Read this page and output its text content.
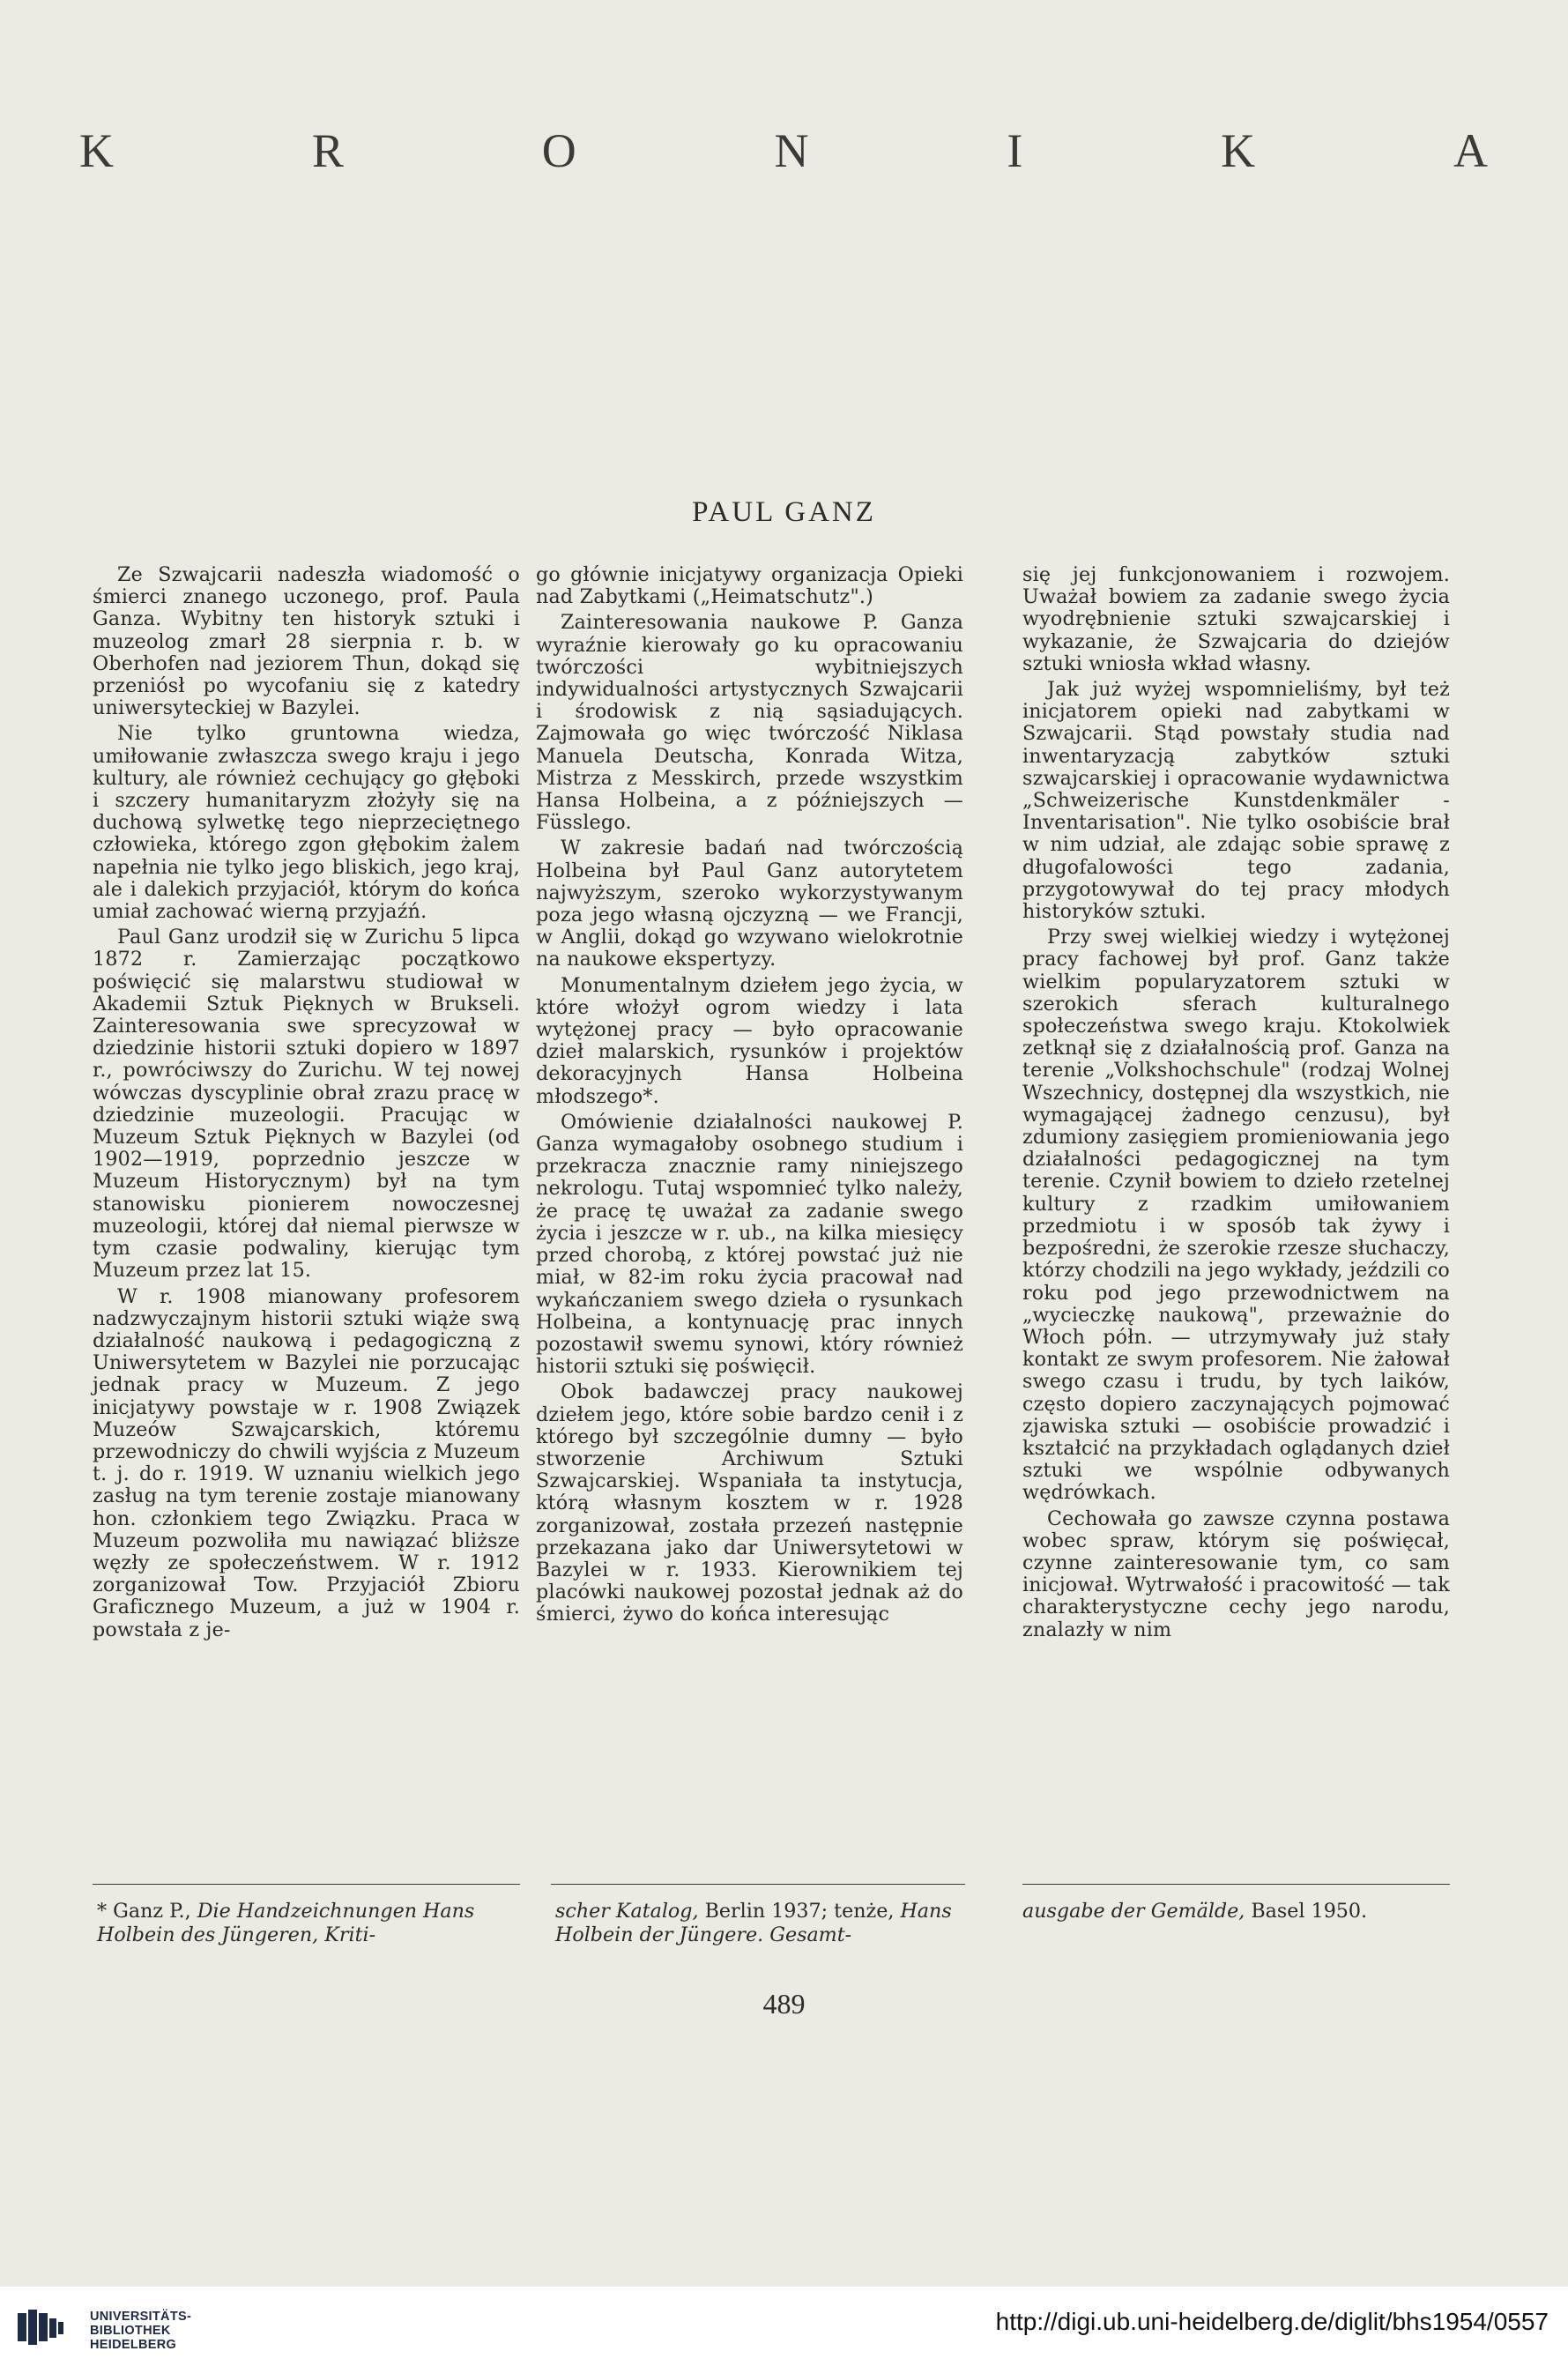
K	R	O	N	I	K	A
PAUL GANZ

Ze Szwajcarii nadeszła wiadomość o śmierci znanego uczonego, prof. Paula Ganza. Wybitny ten historyk sztuki i muzeolog zmarł 28 sierpnia r. b. w Oberhofen nad jeziorem Thun, dokąd się przeniósł po wycofaniu się z katedry uniwersyteckiej w Bazylei.

Nie tylko gruntowna wiedza, umiłowanie zwłaszcza swego kraju i jego kultury, ale również cechujący go głęboki i szczery humanitaryzm złożyły się na duchową sylwetkę tego nieprzeciętnego człowieka, którego zgon głębokim żalem napełnia nie tylko jego bliskich, jego kraj, ale i dalekich przyjaciół, którym do końca umiał zachować wierną przyjaźń.

Paul Ganz urodził się w Zurichu 5 lipca 1872 r. Zamierzając początkowo poświęcić się malarstwu studiował w Akademii Sztuk Pięknych w Brukseli. Zainteresowania swe sprecyzował w dziedzinie historii sztuki dopiero w 1897 r., powróciwszy do Zurichu. W tej nowej wówczas dyscyplinie obrał zrazu pracę w dziedzinie muzeologii. Pracując w Muzeum Sztuk Pięknych w Bazylei (od 1902—1919, poprzednio jeszcze w Muzeum Historycznym) był na tym stanowisku pionierem nowoczesnej muzeologii, której dał niemal pierwsze w tym czasie podwaliny, kierując tym Muzeum przez lat 15.

W r. 1908 mianowany profesorem nadzwyczajnym historii sztuki wiąże swą działalność naukową i pedagogiczną z Uniwersytetem w Bazylei nie porzucając jednak pracy w Muzeum. Z jego inicjatywy powstaje w r. 1908 Związek Muzeów Szwajcarskich, któremu przewodniczy do chwili wyjścia z Muzeum t. j. do r. 1919. W uznaniu wielkich jego zasług na tym terenie zostaje mianowany hon. członkiem tego Związku. Praca w Muzeum pozwoliła mu nawiązać bliższe węzły ze społeczeństwem. W r. 1912 zorganizował Tow. Przyjaciół Zbioru Graficznego Muzeum, a już w 1904 r. powstała z je-

go głównie inicjatywy organizacja Opieki nad Zabytkami („Heimatschutz".)

Zainteresowania naukowe P. Ganza wyraźnie kierowały go ku opracowaniu twórczości wybitniejszych indywidualności artystycznych Szwajcarii i środowisk z nią sąsiadujących. Zajmowała go więc twórczość Niklasa Manuela Deutscha, Konrada Witza, Mistrza z Messkirch, przede wszystkim Hansa Holbeina, a z późniejszych — Füsslego.

W zakresie badań nad twórczością Holbeina był Paul Ganz autorytetem najwyższym, szeroko wykorzystywanym poza jego własną ojczyzną — we Francji, w Anglii, dokąd go wzywano wielokrotnie na naukowe ekspertyzy.

Monumentalnym dziełem jego życia, w które włożył ogrom wiedzy i lata wytężonej pracy — było opracowanie dzieł malarskich, rysunków i projektów dekoracyjnych Hansa Holbeina młodszego*.

Omówienie działalności naukowej P. Ganza wymagałoby osobnego studium i przekracza znacznie ramy niniejszego nekrologu. Tutaj wspomnieć tylko należy, że pracę tę uważał za zadanie swego życia i jeszcze w r. ub., na kilka miesięcy przed chorobą, z której powstać już nie miał, w 82-im roku życia pracował nad wykańczaniem swego dzieła o rysunkach Holbeina, a kontynuację prac innych pozostawił swemu synowi, który również historii sztuki się poświęcił.

Obok badawczej pracy naukowej dziełem jego, które sobie bardzo cenił i z którego był szczególnie dumny — było stworzenie Archiwum Sztuki Szwajcarskiej. Wspaniała ta instytucja, którą własnym kosztem w r. 1928 zorganizował, została przezeń następnie przekazana jako dar Uniwersytetowi w Bazylei w r. 1933. Kierownikiem tej placówki naukowej pozostał jednak aż do śmierci, żywo do końca interesując

się jej funkcjonowaniem i rozwojem. Uważał bowiem za zadanie swego życia wyodrębnienie sztuki szwajcarskiej i wykazanie, że Szwajcaria do dziejów sztuki wniosła wkład własny.

Jak już wyżej wspomnieliśmy, był też inicjatorem opieki nad zabytkami w Szwajcarii. Stąd powstały studia nad inwentaryzacją zabytków sztuki szwajcarskiej i opracowanie wydawnictwa „Schweizerische Kunstdenkmäler - Inventarisation". Nie tylko osobiście brał w nim udział, ale zdając sobie sprawę z długofalowości tego zadania, przygotowywał do tej pracy młodych historyków sztuki.

Przy swej wielkiej wiedzy i wytężonej pracy fachowej był prof. Ganz także wielkim popularyzatorem sztuki w szerokich sferach kulturalnego społeczeństwa swego kraju. Ktokolwiek zetknął się z działalnością prof. Ganza na terenie „Volkshochschule" (rodzaj Wolnej Wszechnicy, dostępnej dla wszystkich, nie wymagającej żadnego cenzusu), był zdumiony zasięgiem promieniowania jego działalności pedagogicznej na tym terenie. Czynił bowiem to dzieło rzetelnej kultury z rzadkim umiłowaniem przedmiotu i w sposób tak żywy i bezpośredni, że szerokie rzesze słuchaczy, którzy chodzili na jego wykłady, jeździli co roku pod jego przewodnictwem na „wycieczkę naukową", przeważnie do Włoch półn. — utrzymywały już stały kontakt ze swym profesorem. Nie żałował swego czasu i trudu, by tych laików, często dopiero zaczynających pojmować zjawiska sztuki — osobiście prowadzić i kształcić na przykładach oglądanych dzieł sztuki we wspólnie odbywanych wędrówkach.

Cechowała go zawsze czynna postawa wobec spraw, którym się poświęcał, czynne zainteresowanie tym, co sam inicjował. Wytrwałość i pracowitość — tak charakterystyczne cechy jego narodu, znalazły w nim

* Ganz P., Die Handzeichnungen Hans Holbein des Jüngeren, Kriti-
scher Katalog, Berlin 1937; tenże, Hans Holbein der Jüngere. Gesamt-
ausgabe der Gemälde, Basel 1950.
489
UNIVERSITÄTS-
BIBLIOTHEK
HEIDELBERG
http://digi.ub.uni-heidelberg.de/diglit/bhs1954/0557
